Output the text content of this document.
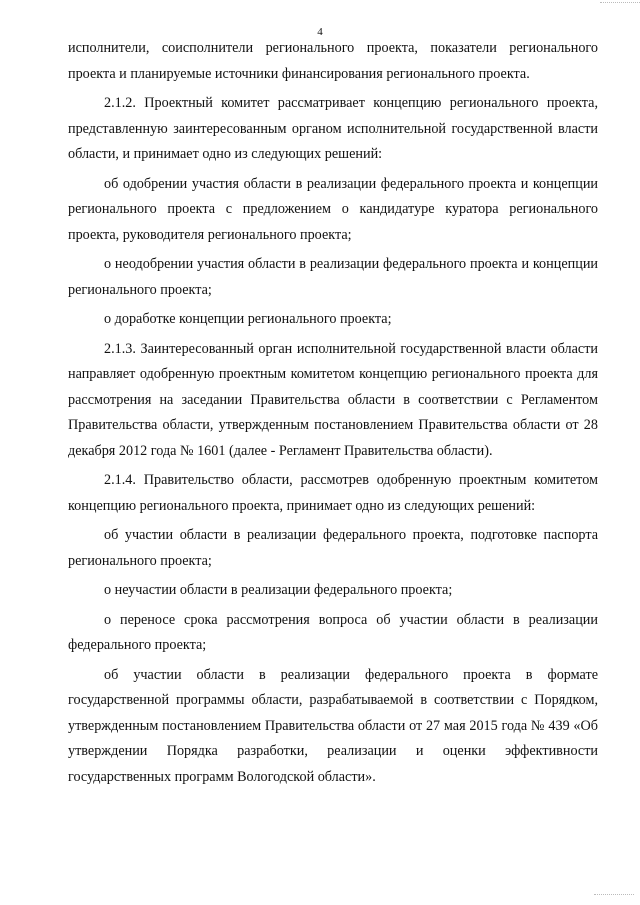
4

исполнители, соисполнители регионального проекта, показатели регионального проекта и планируемые источники финансирования регионального проекта.

2.1.2. Проектный комитет рассматривает концепцию регионального проекта, представленную заинтересованным органом исполнительной государственной власти области, и принимает одно из следующих решений:

об одобрении участия области в реализации федерального проекта и концепции регионального проекта с предложением о кандидатуре куратора регионального проекта, руководителя регионального проекта;

о неодобрении участия области в реализации федерального проекта и концепции регионального проекта;

о доработке концепции регионального проекта;

2.1.3. Заинтересованный орган исполнительной государственной власти области направляет одобренную проектным комитетом концепцию регионального проекта для рассмотрения на заседании Правительства области в соответствии с Регламентом Правительства области, утвержденным постановлением Правительства области от 28 декабря 2012 года № 1601 (далее - Регламент Правительства области).

2.1.4. Правительство области, рассмотрев одобренную проектным комитетом концепцию регионального проекта, принимает одно из следующих решений:

об участии области в реализации федерального проекта, подготовке паспорта регионального проекта;

о неучастии области в реализации федерального проекта;

о переносе срока рассмотрения вопроса об участии области в реализации федерального проекта;

об участии области в реализации федерального проекта в формате государственной программы области, разрабатываемой в соответствии с Порядком, утвержденным постановлением Правительства области от 27 мая 2015 года № 439 «Об утверждении Порядка разработки, реализации и оценки эффективности государственных программ Вологодской области».
